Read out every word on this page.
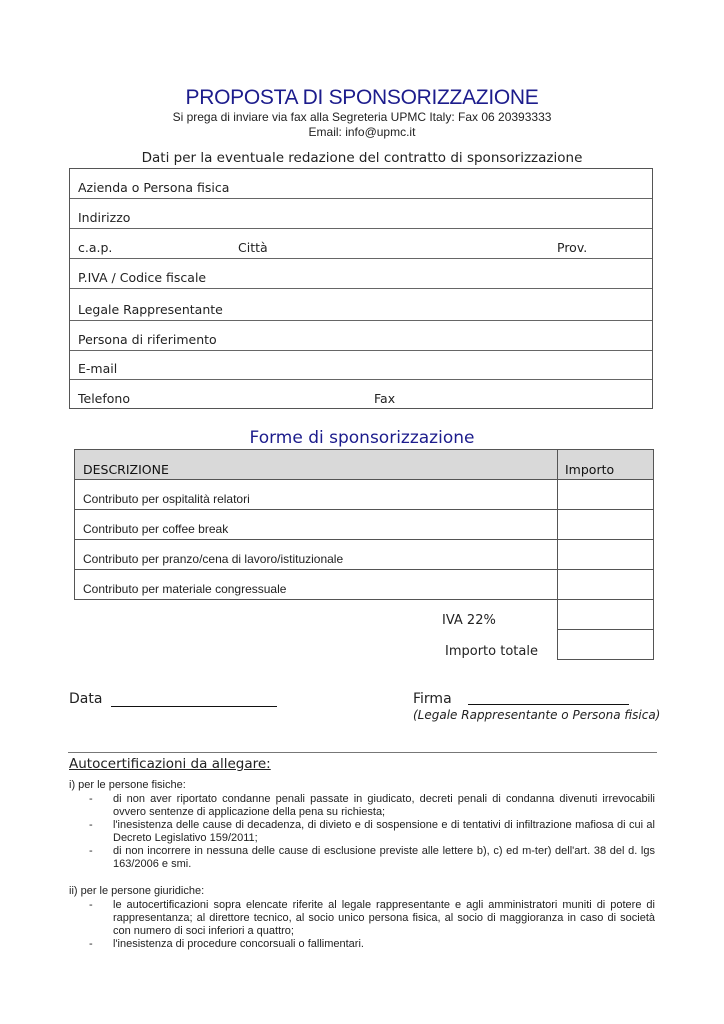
PROPOSTA DI SPONSORIZZAZIONE
Si prega di inviare via fax alla Segreteria UPMC Italy: Fax 06 20393333
Email: info@upmc.it
Dati per la eventuale redazione del contratto di sponsorizzazione
Azienda o Persona fisica
Indirizzo
c.a.p.	Città	Prov.
P.IVA / Codice fiscale
Legale Rappresentante
Persona di riferimento
E-mail
Telefono	Fax
Forme di sponsorizzazione
DESCRIZIONE	Importo
Contributo per ospitalità relatori
Contributo per coffee break
Contributo per pranzo/cena di lavoro/istituzionale
Contributo per materiale congressuale
IVA 22%
Importo totale
Data	Firma
(Legale Rappresentante o Persona fisica)
Autocertificazioni da allegare:
i) per le persone fisiche:
- di non aver riportato condanne penali passate in giudicato, decreti penali di condanna divenuti irrevocabili ovvero sentenze di applicazione della pena su richiesta;
- l'inesistenza delle cause di decadenza, di divieto e di sospensione e di tentativi di infiltrazione mafiosa di cui al Decreto Legislativo 159/2011;
- di non incorrere in nessuna delle cause di esclusione previste alle lettere b), c) ed m-ter) dell'art. 38 del d. lgs 163/2006 e smi.
ii) per le persone giuridiche:
- le autocertificazioni sopra elencate riferite al legale rappresentante e agli amministratori muniti di potere di rappresentanza; al direttore tecnico, al socio unico persona fisica, al socio di maggioranza in caso di società con numero di soci inferiori a quattro;
- l'inesistenza di procedure concorsuali o fallimentari.
